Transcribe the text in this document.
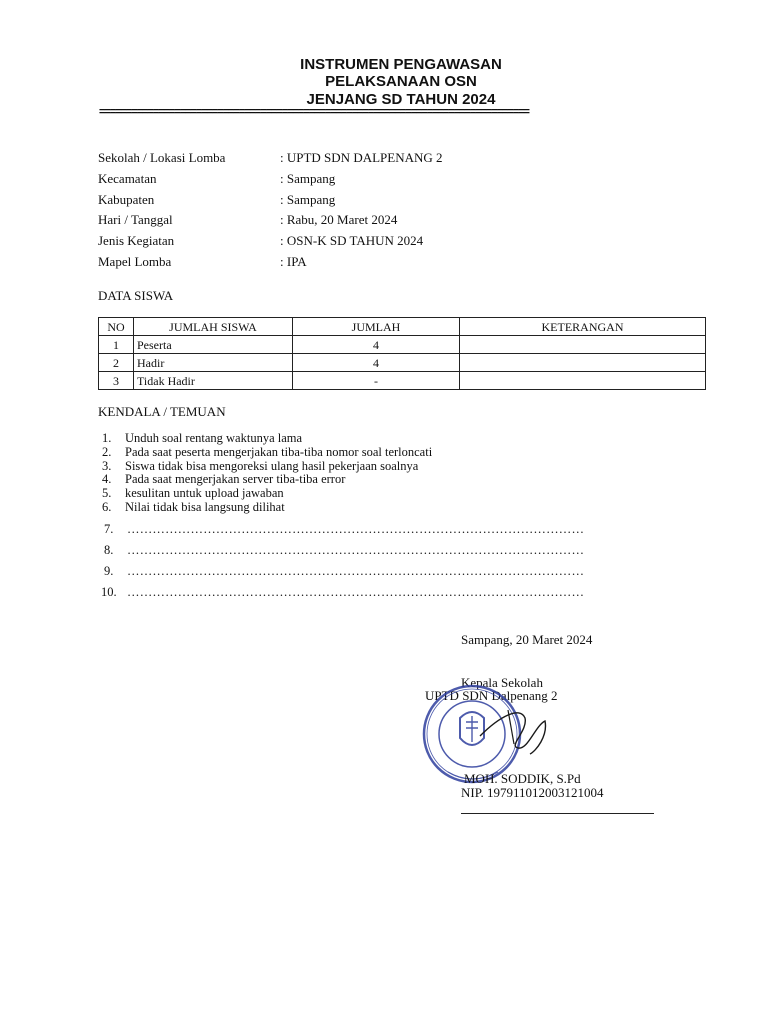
INSTRUMEN PENGAWASAN
PELAKSANAAN OSN
JENJANG SD TAHUN 2024
================================================================================
Sekolah / Lokasi Lomba	: UPTD SDN DALPENANG 2
Kecamatan	: Sampang
Kabupaten	: Sampang
Hari / Tanggal	: Rabu, 20 Maret 2024
Jenis Kegiatan	: OSN-K SD TAHUN 2024
Mapel Lomba	: IPA
DATA SISWA
NO	JUMLAH SISWA	JUMLAH	KETERANGAN
1	Peserta	4	
2	Hadir	4	
3	Tidak Hadir	-	
KENDALA / TEMUAN
1. Unduh soal rentang waktunya lama
2. Pada saat peserta mengerjakan tiba-tiba nomor soal terloncati
3. Siswa tidak bisa mengoreksi ulang hasil pekerjaan soalnya
4. Pada saat mengerjakan server tiba-tiba error
5. kesulitan untuk upload jawaban
6. Nilai tidak bisa langsung dilihat
7. ………………………………………………………………………………………………
8. ………………………………………………………………………………………………
9. ………………………………………………………………………………………………
10. ………………………………………………………………………………………………
Sampang, 20 Maret 2024
Kepala Sekolah
UPTD SDN Dalpenang 2
MOH. SODDIK, S.Pd
NIP. 197911012003121004
